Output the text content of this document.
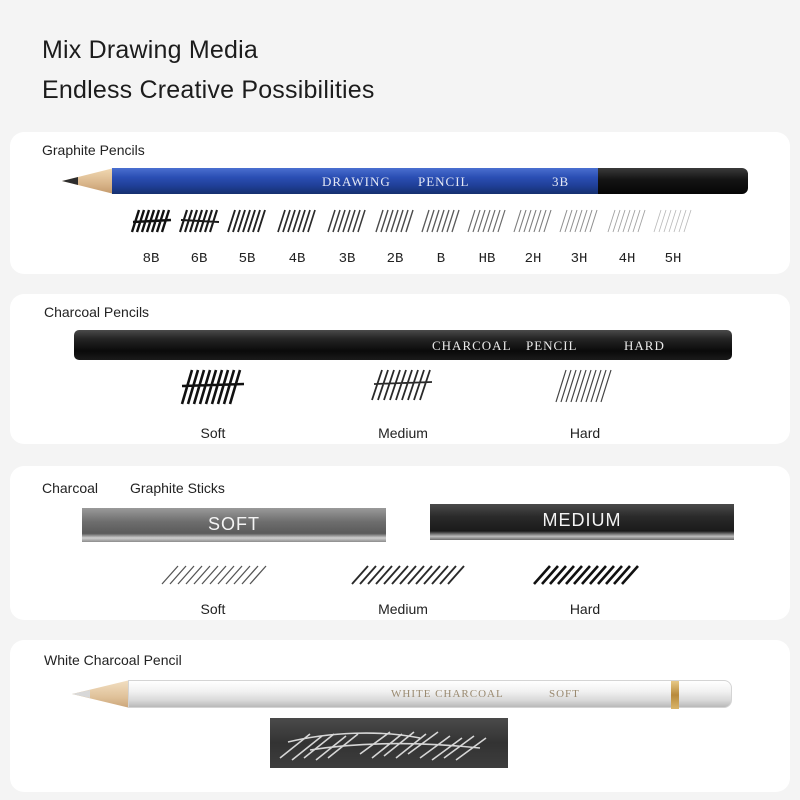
Mix Drawing Media
Endless Creative Possibilities
Graphite Pencils
DRAWING PENCIL	3B
8B	6B	5B	4B	3B	2B	B	HB	2H	3H	4H	5H
Charcoal Pencils
CHARCOAL PENCIL	HARD
Soft	Medium	Hard
Charcoal Graphite Sticks
SOFT	MEDIUM
Soft	Medium	Hard
White Charcoal Pencil
WHITE CHARCOAL	SOFT
